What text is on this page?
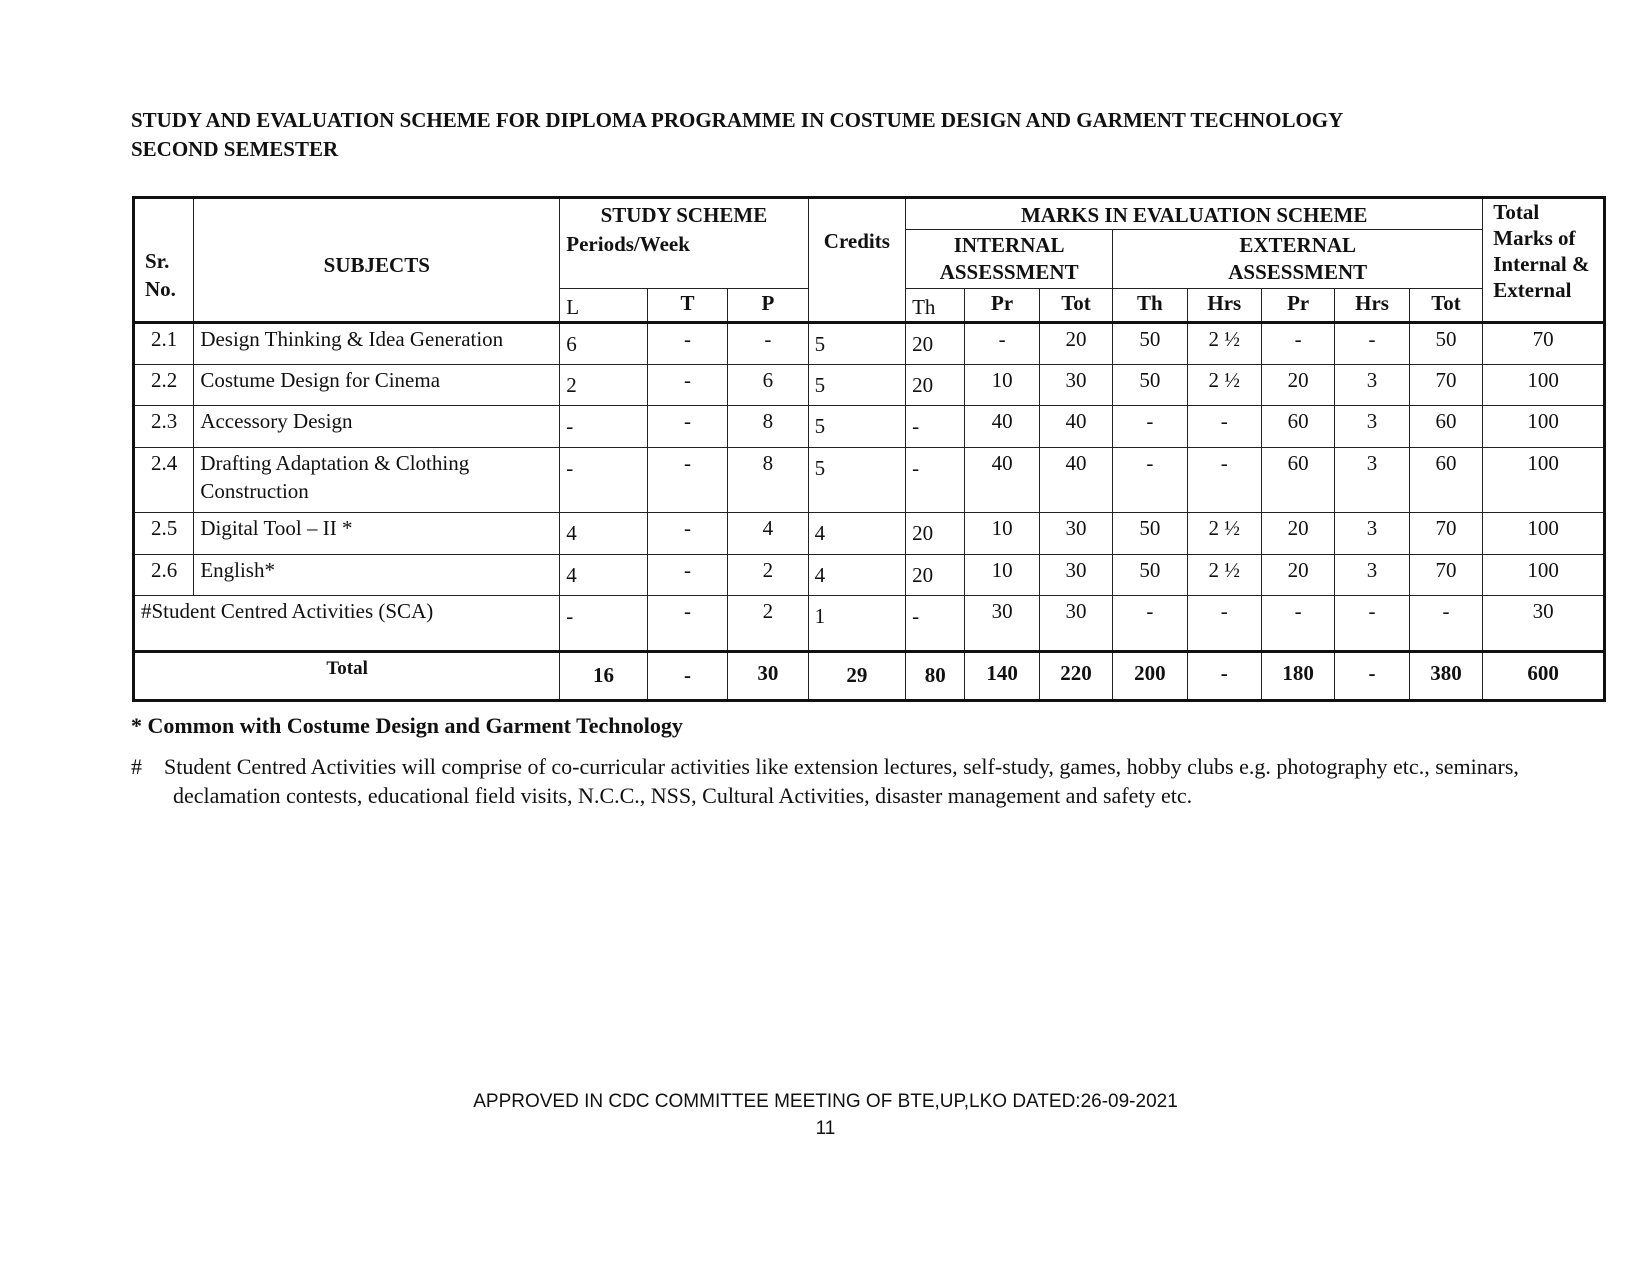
STUDY AND EVALUATION SCHEME FOR DIPLOMA PROGRAMME IN COSTUME DESIGN AND GARMENT TECHNOLOGY
SECOND SEMESTER
Sr.
No.	SUBJECTS	STUDY SCHEME
Periods/Week			Credits	MARKS IN EVALUATION SCHEME								Total Marks of Internal & External
						INTERNAL ASSESSMENT			EXTERNAL ASSESSMENT					
		L	T	P		Th	Pr	Tot	Th	Hrs	Pr	Hrs	Tot	
2.1	Design Thinking & Idea Generation	6	-	-	5	20	-	20	50	2 ½	-	-	50	70
2.2	Costume Design for Cinema	2	-	6	5	20	10	30	50	2 ½	20	3	70	100
2.3	Accessory Design	-	-	8	5	-	40	40	-	-	60	3	60	100
2.4	Drafting Adaptation & Clothing Construction	-	-	8	5	-	40	40	-	-	60	3	60	100
2.5	Digital Tool – II *	4	-	4	4	20	10	30	50	2 ½	20	3	70	100
2.6	English*	4	-	2	4	20	10	30	50	2 ½	20	3	70	100
#Student Centred Activities (SCA)		-	-	2	1	-	30	30	-	-	-	-	-	30
Total		16	-	30	29	80	140	220	200	-	180	-	380	600
* Common with Costume Design and Garment Technology
# Student Centred Activities will comprise of co-curricular activities like extension lectures, self-study, games, hobby clubs e.g. photography etc., seminars,
declamation contests, educational field visits, N.C.C., NSS, Cultural Activities, disaster management and safety etc.
APPROVED IN CDC COMMITTEE MEETING OF BTE,UP,LKO DATED:26-09-2021
11
